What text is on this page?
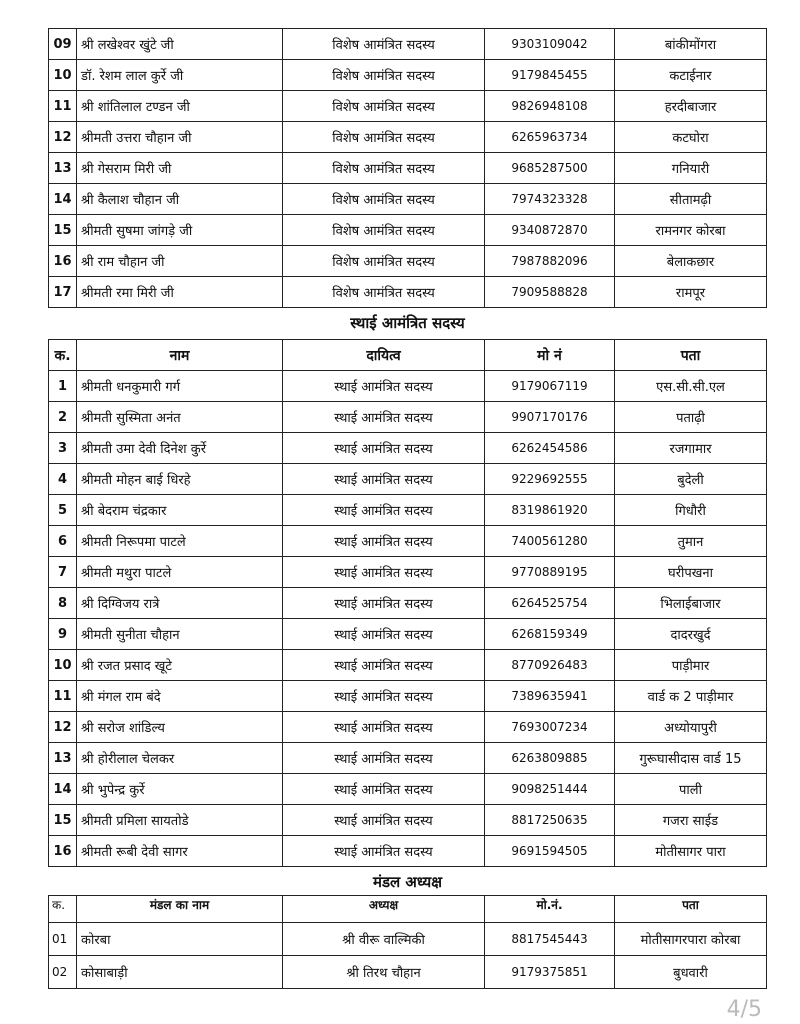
09	श्री लखेश्वर खुंटे जी	विशेष आमंत्रित सदस्य	9303109042	बांकीमोंगरा
10	डॉ. रेशम लाल कुर्रे जी	विशेष आमंत्रित सदस्य	9179845455	कटाईनार
11	श्री शांतिलाल टण्डन जी	विशेष आमंत्रित सदस्य	9826948108	हरदीबाजार
12	श्रीमती उत्तरा चौहान जी	विशेष आमंत्रित सदस्य	6265963734	कटघोरा
13	श्री गेसराम मिरी जी	विशेष आमंत्रित सदस्य	9685287500	गनियारी
14	श्री कैलाश चौहान जी	विशेष आमंत्रित सदस्य	7974323328	सीतामढ़ी
15	श्रीमती सुषमा जांगड़े जी	विशेष आमंत्रित सदस्य	9340872870	रामनगर कोरबा
16	श्री राम चौहान जी	विशेष आमंत्रित सदस्य	7987882096	बेलाकछार
17	श्रीमती रमा मिरी जी	विशेष आमंत्रित सदस्य	7909588828	रामपूर
स्थाई आमंत्रित सदस्य
क.	नाम	दायित्व	मो नं	पता
1	श्रीमती धनकुमारी गर्ग	स्थाई आमंत्रित सदस्य	9179067119	एस.सी.सी.एल
2	श्रीमती सुस्मिता अनंत	स्थाई आमंत्रित सदस्य	9907170176	पताढ़ी
3	श्रीमती उमा देवी दिनेश कुर्रे	स्थाई आमंत्रित सदस्य	6262454586	रजगामार
4	श्रीमती मोहन बाई धिरहे	स्थाई आमंत्रित सदस्य	9229692555	बुदेली
5	श्री बेदराम चंद्रकार	स्थाई आमंत्रित सदस्य	8319861920	गिधौरी
6	श्रीमती निरूपमा पाटले	स्थाई आमंत्रित सदस्य	7400561280	तुमान
7	श्रीमती मथुरा पाटले	स्थाई आमंत्रित सदस्य	9770889195	घरीपखना
8	श्री दिग्विजय रात्रे	स्थाई आमंत्रित सदस्य	6264525754	भिलाईबाजार
9	श्रीमती सुनीता चौहान	स्थाई आमंत्रित सदस्य	6268159349	दादरखुर्द
10	श्री रजत प्रसाद खूटे	स्थाई आमंत्रित सदस्य	8770926483	पाड़ीमार
11	श्री मंगल राम बंदे	स्थाई आमंत्रित सदस्य	7389635941	वार्ड क 2 पाड़ीमार
12	श्री सरोज शांडिल्य	स्थाई आमंत्रित सदस्य	7693007234	अध्योयापुरी
13	श्री होरीलाल चेलकर	स्थाई आमंत्रित सदस्य	6263809885	गुरूघासीदास वार्ड 15
14	श्री भुपेन्द्र कुर्रे	स्थाई आमंत्रित सदस्य	9098251444	पाली
15	श्रीमती प्रमिला सायतोडे	स्थाई आमंत्रित सदस्य	8817250635	गजरा साईड
16	श्रीमती रूबी देवी सागर	स्थाई आमंत्रित सदस्य	9691594505	मोतीसागर पारा
मंडल अध्यक्ष
क.	मंडल का नाम	अध्यक्ष	मो.नं.	पता
01	कोरबा	श्री वीरू वाल्मिकी	8817545443	मोतीसागरपारा कोरबा
02	कोसाबाड़ी	श्री तिरथ चौहान	9179375851	बुधवारी
4/5
